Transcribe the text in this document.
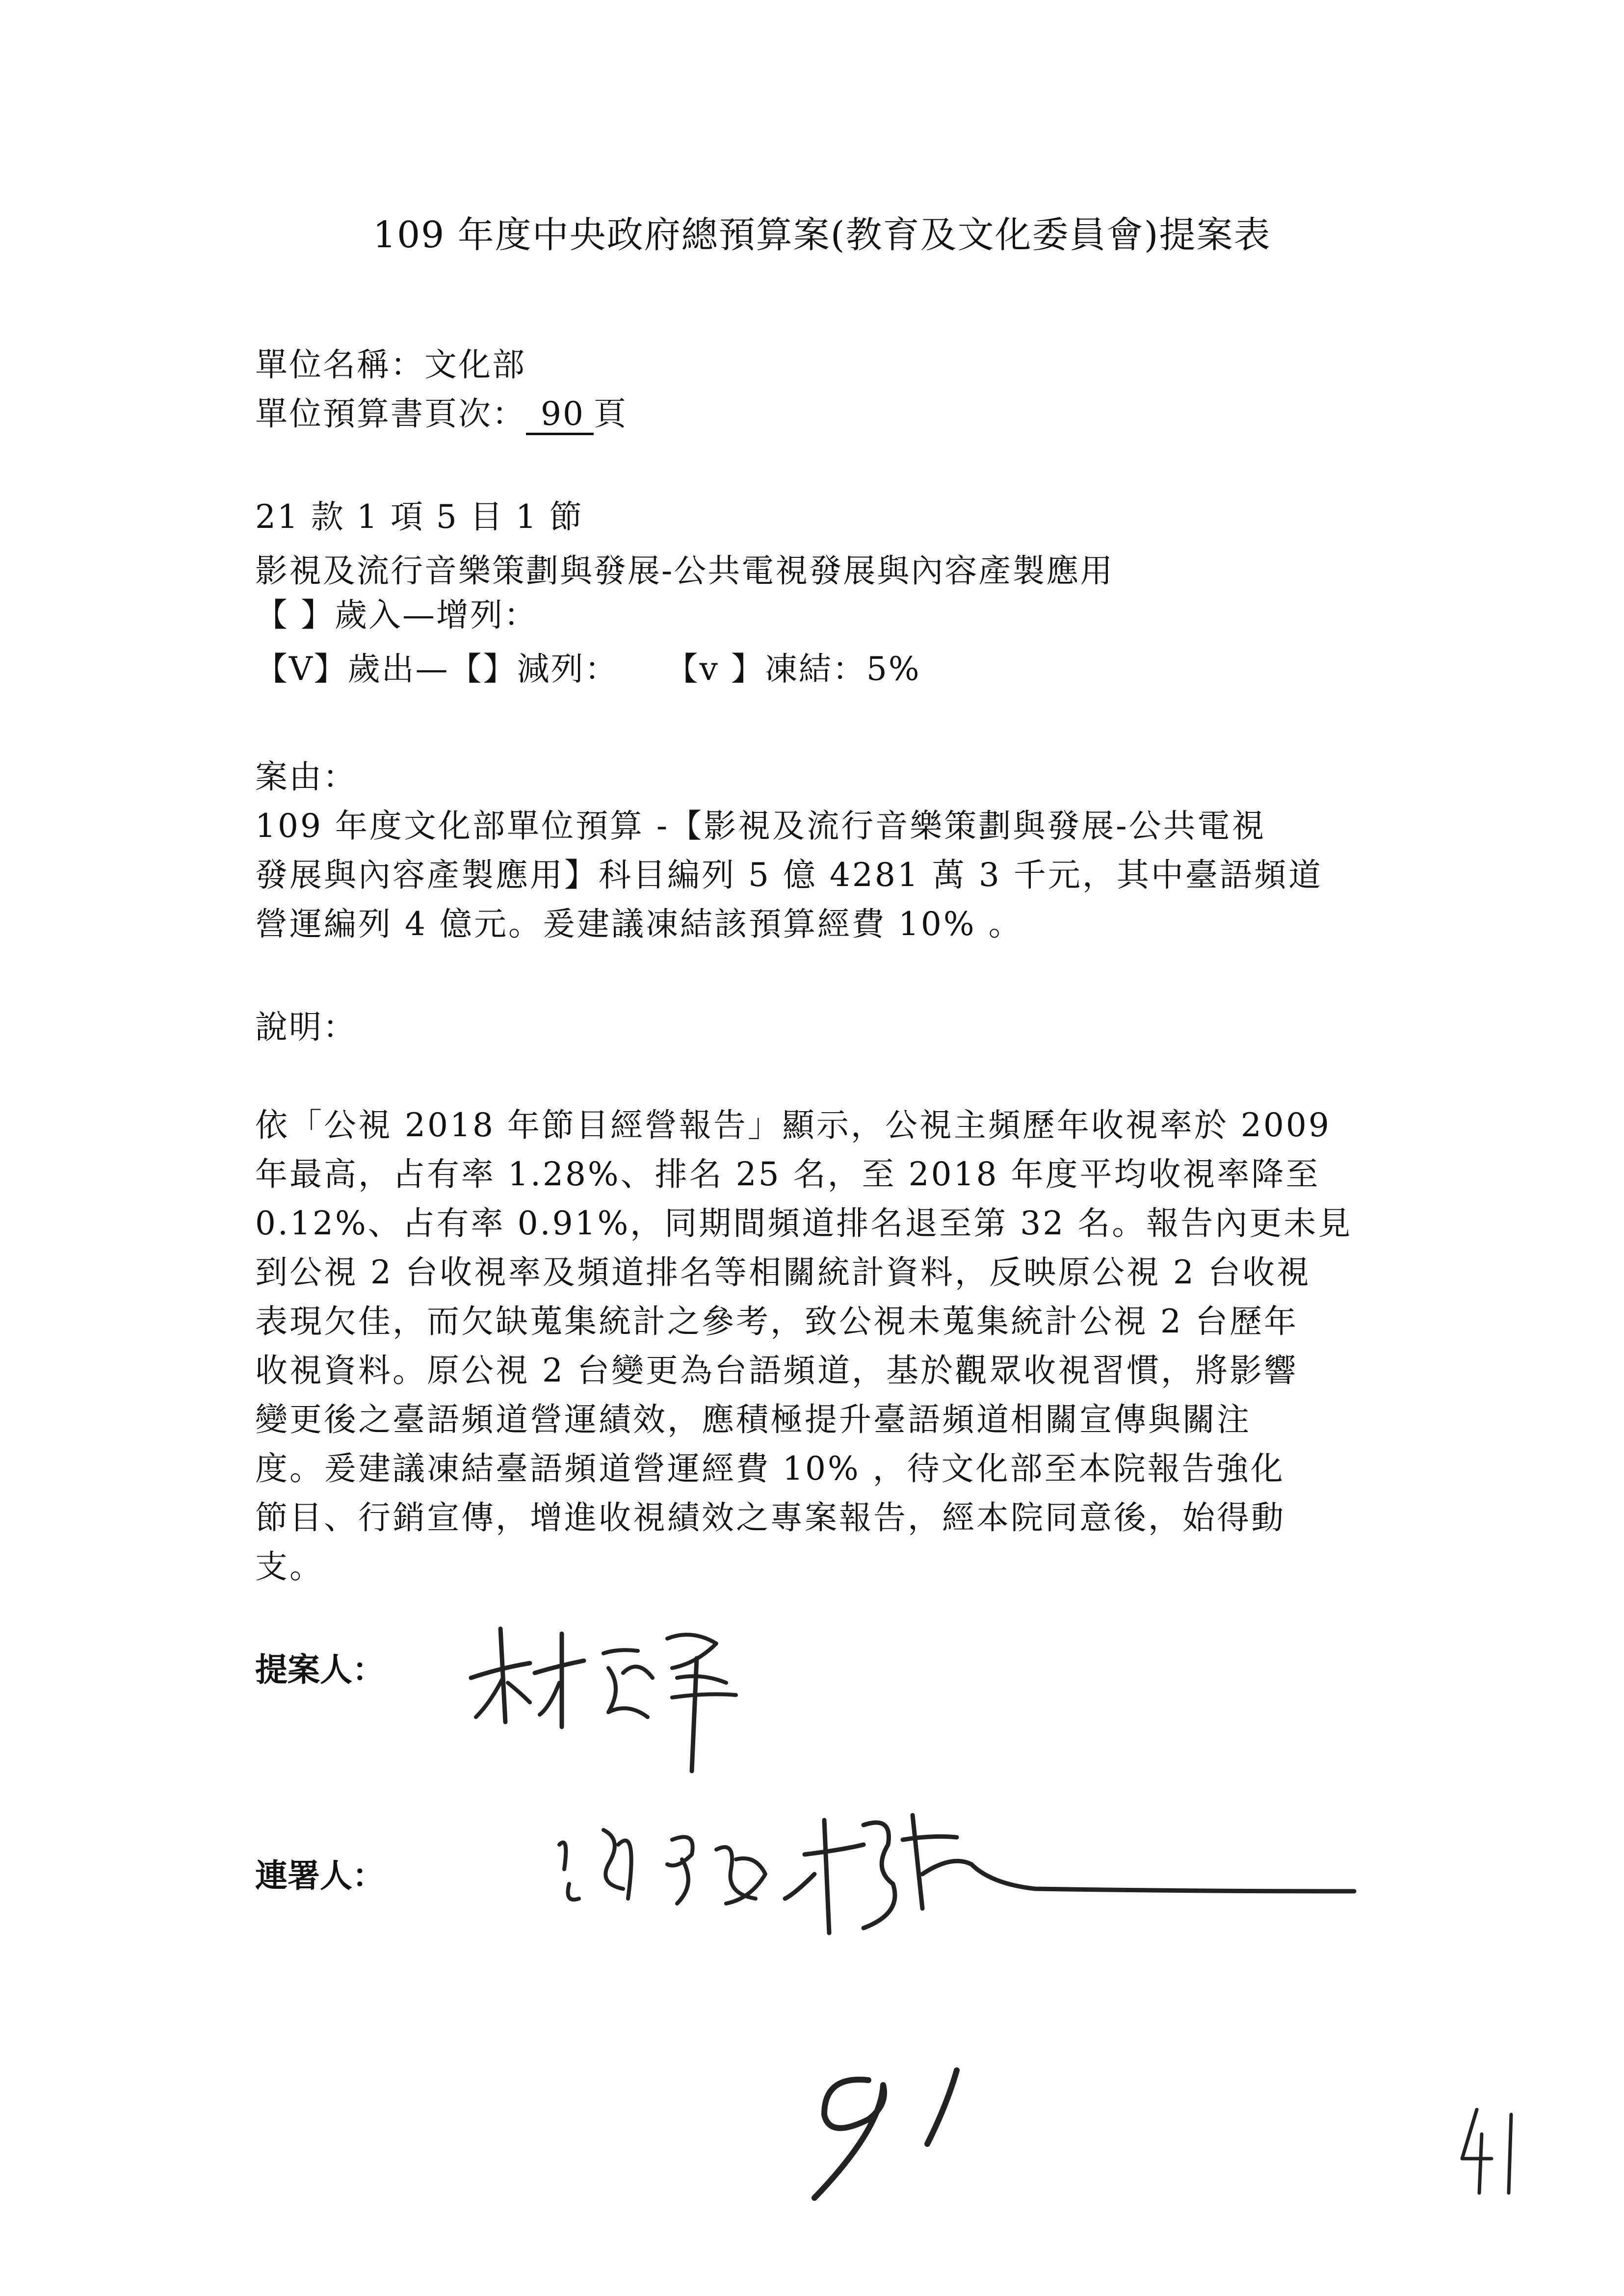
109 年度中央政府總預算案(教育及文化委員會)提案表
單位名稱：文化部
單位預算書頁次： 90 頁
21 款 1 項 5 目 1 節
影視及流行音樂策劃與發展-公共電視發展與內容產製應用
【 】歲入—增列：
【V】歲出—【】減列：    【v 】凍結：5%
案由：
109 年度文化部單位預算 -【影視及流行音樂策劃與發展-公共電視
發展與內容產製應用】科目編列 5 億 4281 萬 3 千元，其中臺語頻道
營運編列 4 億元。爰建議凍結該預算經費 10% 。
說明：
依「公視 2018 年節目經營報告」顯示，公視主頻歷年收視率於 2009
年最高，占有率 1.28%、排名 25 名，至 2018 年度平均收視率降至
0.12%、占有率 0.91%，同期間頻道排名退至第 32 名。報告內更未見
到公視 2 台收視率及頻道排名等相關統計資料，反映原公視 2 台收視
表現欠佳，而欠缺蒐集統計之參考，致公視未蒐集統計公視 2 台歷年
收視資料。原公視 2 台變更為台語頻道，基於觀眾收視習慣，將影響
變更後之臺語頻道營運績效，應積極提升臺語頻道相關宣傳與關注
度。爰建議凍結臺語頻道營運經費 10% ，待文化部至本院報告強化
節目、行銷宣傳，增進收視績效之專案報告，經本院同意後，始得動
支。
提案人：
連署人：
